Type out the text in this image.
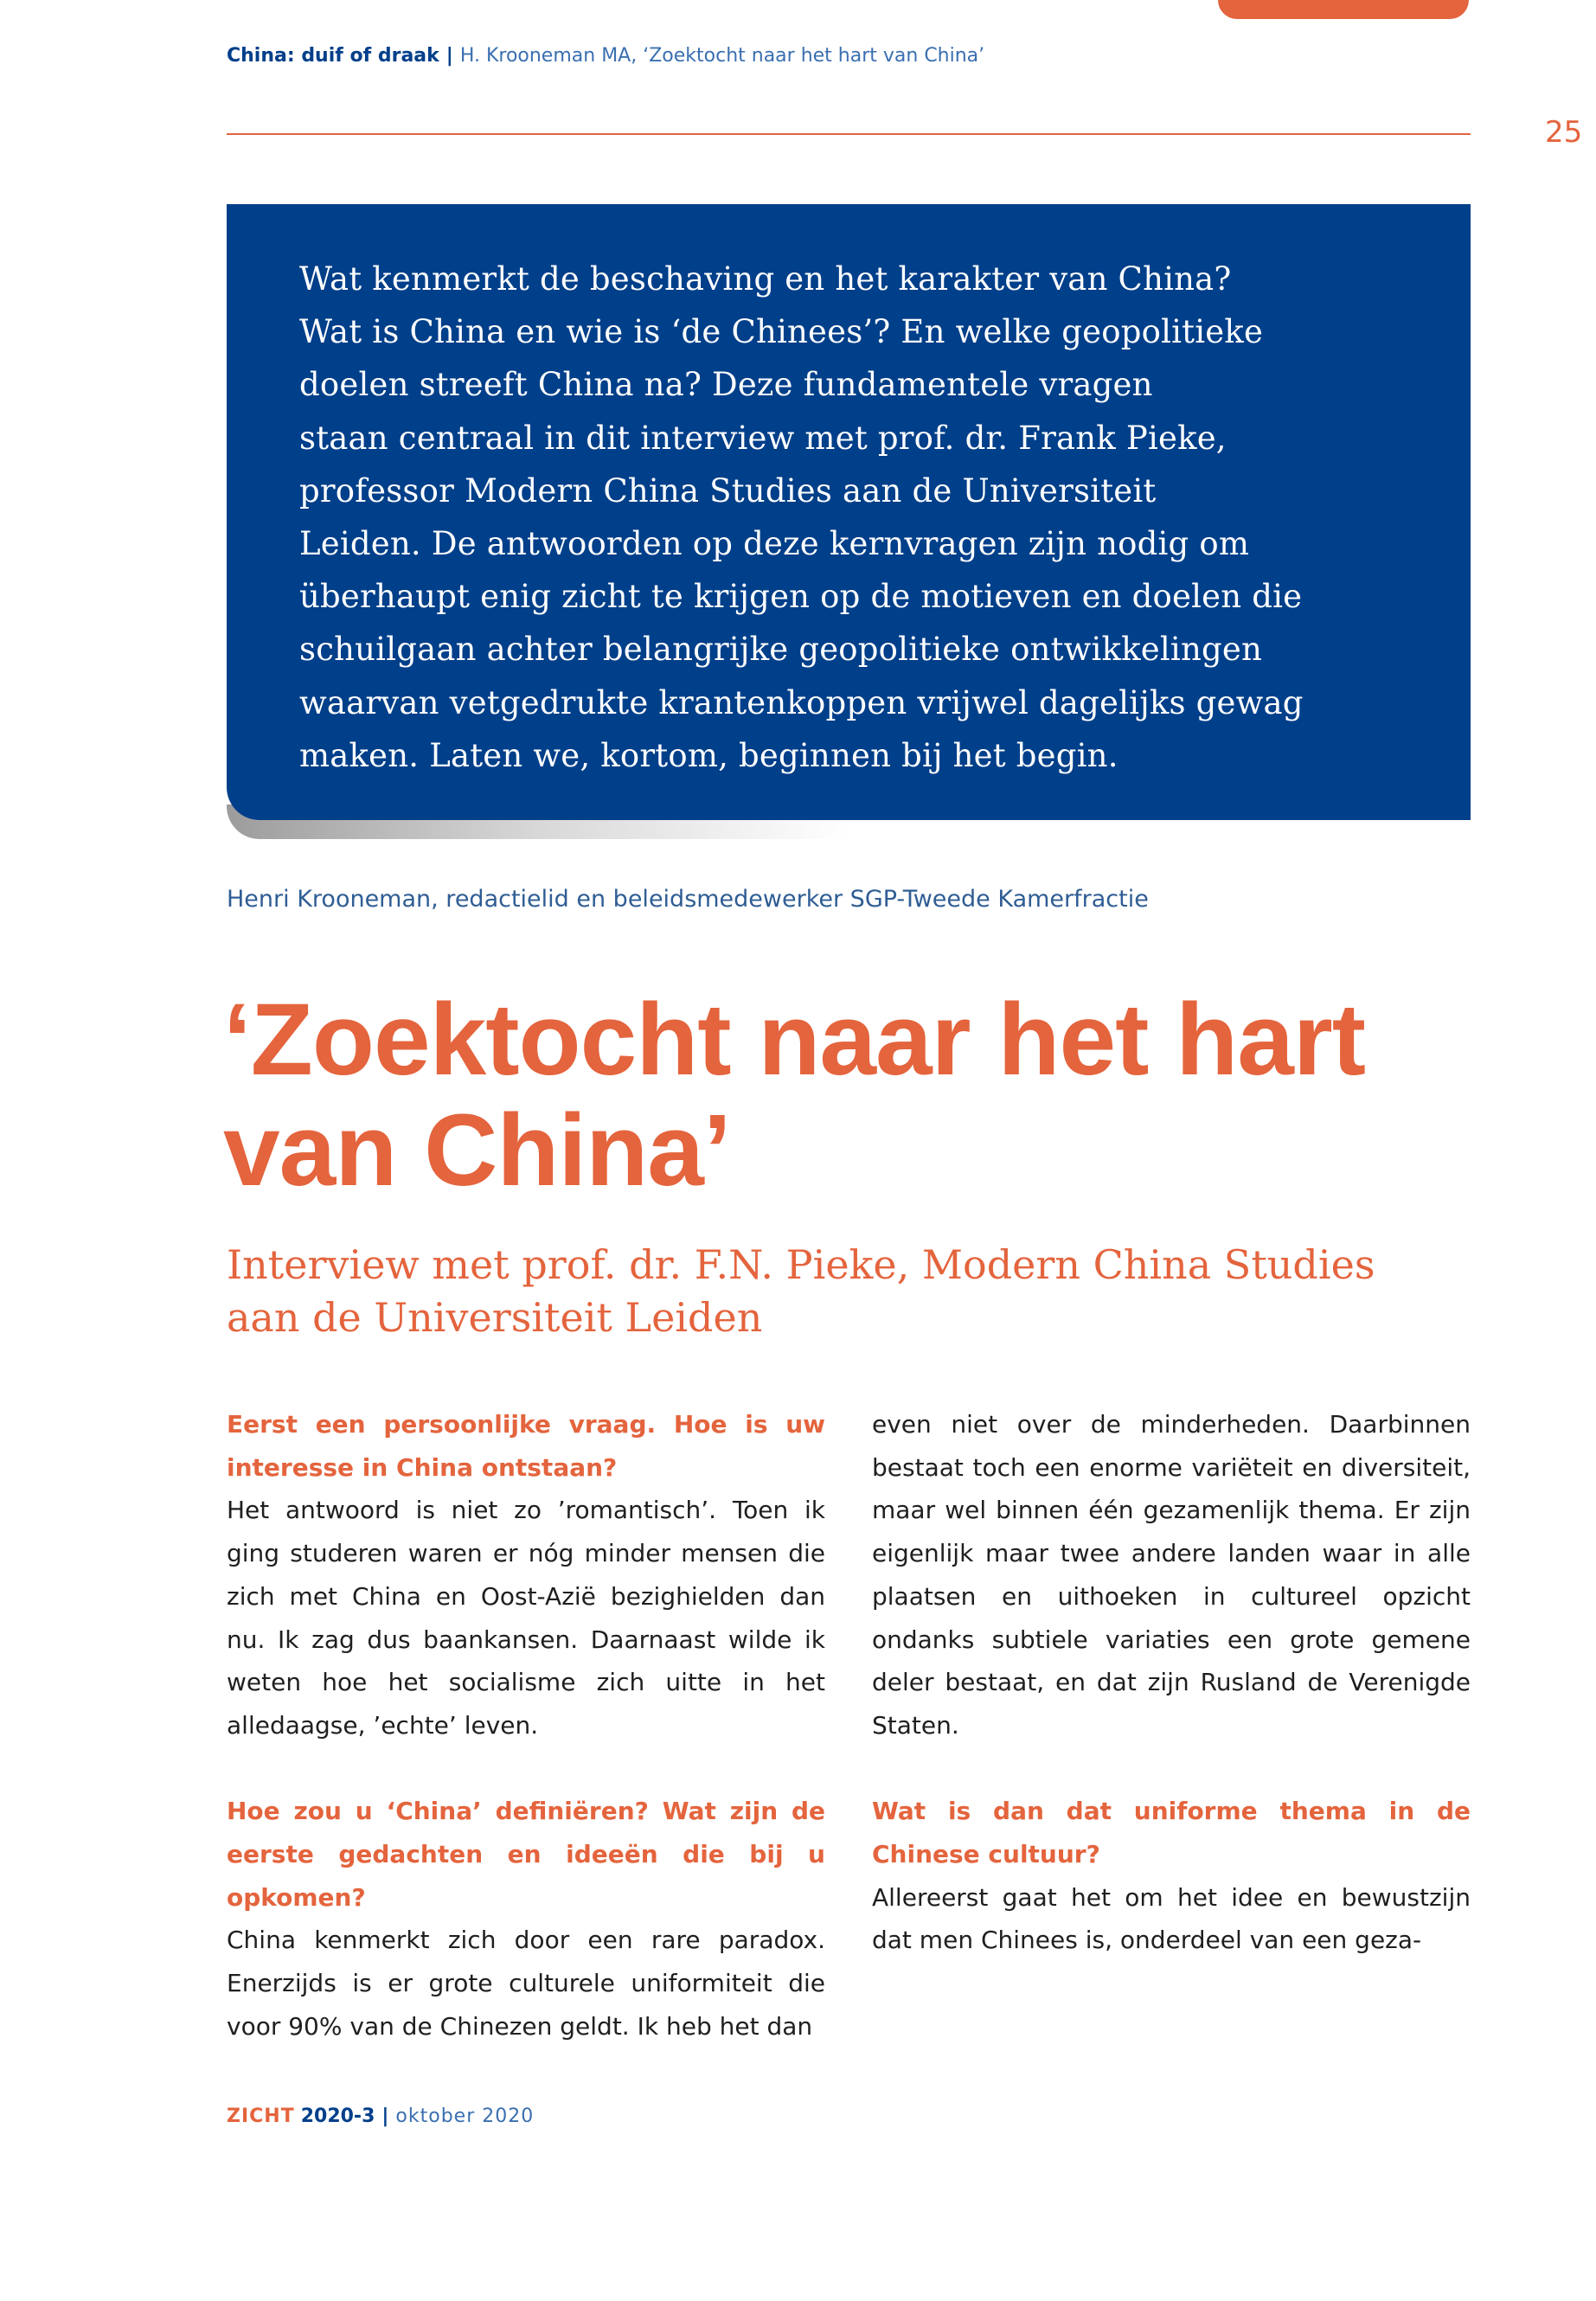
China: duif of draak | H. Krooneman MA, ‘Zoektocht naar het hart van China’
25

Wat kenmerkt de beschaving en het karakter van China?
Wat is China en wie is ‘de Chinees’? En welke geopolitieke
doelen streeft China na? Deze fundamentele vragen
staan centraal in dit interview met prof. dr. Frank Pieke,
professor Modern China Studies aan de Universiteit
Leiden. De antwoorden op deze kernvragen zijn nodig om
überhaupt enig zicht te krijgen op de motieven en doelen die
schuilgaan achter belangrijke geopolitieke ontwikkelingen
waarvan vetgedrukte krantenkoppen vrijwel dagelijks gewag
maken. Laten we, kortom, beginnen bij het begin.

Henri Krooneman, redactielid en beleidsmedewerker SGP-Tweede Kamerfractie
‘Zoektocht naar het hart
van China’
Interview met prof. dr. F.N. Pieke, Modern China Studies
aan de Universiteit Leiden

Eerst een persoonlijke vraag. Hoe is uw interesse in China ontstaan?

Het antwoord is niet zo ’romantisch’. Toen ik ging studeren waren er nóg minder mensen die zich met China en Oost-Azië bezighielden dan nu. Ik zag dus baankansen. Daarnaast wilde ik weten hoe het socialisme zich uitte in het alledaagse, ’echte’ leven.

Hoe zou u ‘China’ definiëren? Wat zijn de eerste gedachten en ideeën die bij u opkomen?

China kenmerkt zich door een rare paradox. Enerzijds is er grote culturele uniformiteit die voor 90% van de Chinezen geldt. Ik heb het dan

even niet over de minderheden. Daarbinnen bestaat toch een enorme variëteit en diversiteit, maar wel binnen één gezamenlijk thema. Er zijn eigenlijk maar twee andere landen waar in alle plaatsen en uithoeken in cultureel opzicht ondanks subtiele variaties een grote gemene deler bestaat, en dat zijn Rusland de Verenigde Staten.

Wat is dan dat uniforme thema in de Chinese cultuur?

Allereerst gaat het om het idee en bewustzijn dat men Chinees is, onderdeel van een geza-

ZICHT 2020-3 | oktober 2020
